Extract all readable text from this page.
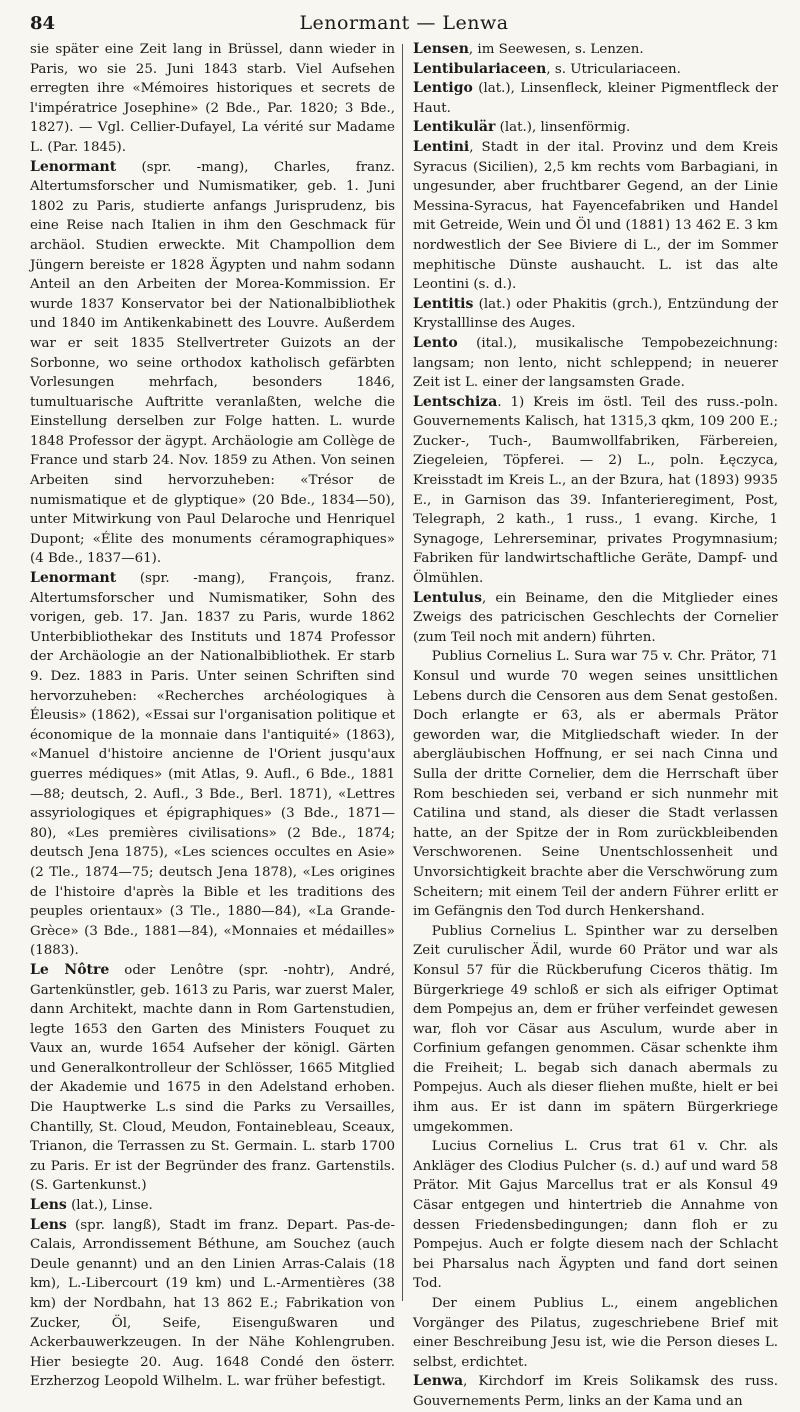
84	Lenormant — Lenwa

sie später eine Zeit lang in Brüssel, dann wieder in Paris, wo sie 25. Juni 1843 starb. Viel Aufsehen erregten ihre «Mémoires historiques et secrets de l'impératrice Josephine» (2 Bde., Par. 1820; 3 Bde., 1827). — Vgl. Cellier-Dufayel, La vérité sur Madame L. (Par. 1845).

Lenormant (spr. -mang), Charles, franz. Altertumsforscher und Numismatiker, geb. 1. Juni 1802 zu Paris, studierte anfangs Jurisprudenz, bis eine Reise nach Italien in ihm den Geschmack für archäol. Studien erweckte. Mit Champollion dem Jüngern bereiste er 1828 Ägypten und nahm sodann Anteil an den Arbeiten der Morea-Kommission. Er wurde 1837 Konservator bei der Nationalbibliothek und 1840 im Antikenkabinett des Louvre. Außerdem war er seit 1835 Stellvertreter Guizots an der Sorbonne, wo seine orthodox katholisch gefärbten Vorlesungen mehrfach, besonders 1846, tumultuarische Auftritte veranlaßten, welche die Einstellung derselben zur Folge hatten. L. wurde 1848 Professor der ägypt. Archäologie am Collège de France und starb 24. Nov. 1859 zu Athen. Von seinen Arbeiten sind hervorzuheben: «Trésor de numismatique et de glyptique» (20 Bde., 1834—50), unter Mitwirkung von Paul Delaroche und Henriquel Dupont; «Élite des monuments céramographiques» (4 Bde., 1837—61).

Lenormant (spr. -mang), François, franz. Altertumsforscher und Numismatiker, Sohn des vorigen, geb. 17. Jan. 1837 zu Paris, wurde 1862 Unterbibliothekar des Instituts und 1874 Professor der Archäologie an der Nationalbibliothek. Er starb 9. Dez. 1883 in Paris. Unter seinen Schriften sind hervorzuheben: «Recherches archéologiques à Éleusis» (1862), «Essai sur l'organisation politique et économique de la monnaie dans l'antiquité» (1863), «Manuel d'histoire ancienne de l'Orient jusqu'aux guerres médiques» (mit Atlas, 9. Aufl., 6 Bde., 1881—88; deutsch, 2. Aufl., 3 Bde., Berl. 1871), «Lettres assyriologiques et épigraphiques» (3 Bde., 1871—80), «Les premières civilisations» (2 Bde., 1874; deutsch Jena 1875), «Les sciences occultes en Asie» (2 Tle., 1874—75; deutsch Jena 1878), «Les origines de l'histoire d'après la Bible et les traditions des peuples orientaux» (3 Tle., 1880—84), «La Grande-Grèce» (3 Bde., 1881—84), «Monnaies et médailles» (1883).

Le Nôtre oder Lenôtre (spr. -nohtr), André, Gartenkünstler, geb. 1613 zu Paris, war zuerst Maler, dann Architekt, machte dann in Rom Gartenstudien, legte 1653 den Garten des Ministers Fouquet zu Vaux an, wurde 1654 Aufseher der königl. Gärten und Generalkontrolleur der Schlösser, 1665 Mitglied der Akademie und 1675 in den Adelstand erhoben. Die Hauptwerke L.s sind die Parks zu Versailles, Chantilly, St. Cloud, Meudon, Fontainebleau, Sceaux, Trianon, die Terrassen zu St. Germain. L. starb 1700 zu Paris. Er ist der Begründer des franz. Gartenstils. (S. Gartenkunst.)

Lens (lat.), Linse.

Lens (spr. langß), Stadt im franz. Depart. Pas-de-Calais, Arrondissement Béthune, am Souchez (auch Deule genannt) und an den Linien Arras-Calais (18 km), L.-Libercourt (19 km) und L.-Armentières (38 km) der Nordbahn, hat 13 862 E.; Fabrikation von Zucker, Öl, Seife, Eisengußwaren und Ackerbauwerkzeugen. In der Nähe Kohlengruben. Hier besiegte 20. Aug. 1648 Condé den österr. Erzherzog Leopold Wilhelm. L. war früher befestigt.

Lensen, im Seewesen, s. Lenzen.

Lentibulariaceen, s. Utriculariaceen.

Lentigo (lat.), Linsenfleck, kleiner Pigmentfleck der Haut.

Lentikulär (lat.), linsenförmig.

Lentini, Stadt in der ital. Provinz und dem Kreis Syracus (Sicilien), 2,5 km rechts vom Barbagiani, in ungesunder, aber fruchtbarer Gegend, an der Linie Messina-Syracus, hat Fayencefabriken und Handel mit Getreide, Wein und Öl und (1881) 13 462 E. 3 km nordwestlich der See Biviere di L., der im Sommer mephitische Dünste aushaucht. L. ist das alte Leontini (s. d.).

Lentitis (lat.) oder Phakitis (grch.), Entzündung der Krystalllinse des Auges.

Lento (ital.), musikalische Tempobezeichnung: langsam; non lento, nicht schleppend; in neuerer Zeit ist L. einer der langsamsten Grade.

Lentschiza. 1) Kreis im östl. Teil des russ.-poln. Gouvernements Kalisch, hat 1315,3 qkm, 109 200 E.; Zucker-, Tuch-, Baumwollfabriken, Färbereien, Ziegeleien, Töpferei. — 2) L., poln. Łęczyca, Kreisstadt im Kreis L., an der Bzura, hat (1893) 9935 E., in Garnison das 39. Infanterieregiment, Post, Telegraph, 2 kath., 1 russ., 1 evang. Kirche, 1 Synagoge, Lehrerseminar, privates Progymnasium; Fabriken für landwirtschaftliche Geräte, Dampf- und Ölmühlen.

Lentulus, ein Beiname, den die Mitglieder eines Zweigs des patricischen Geschlechts der Cornelier (zum Teil noch mit andern) führten.

Publius Cornelius L. Sura war 75 v. Chr. Prätor, 71 Konsul und wurde 70 wegen seines unsittlichen Lebens durch die Censoren aus dem Senat gestoßen. Doch erlangte er 63, als er abermals Prätor geworden war, die Mitgliedschaft wieder. In der abergläubischen Hoffnung, er sei nach Cinna und Sulla der dritte Cornelier, dem die Herrschaft über Rom beschieden sei, verband er sich nunmehr mit Catilina und stand, als dieser die Stadt verlassen hatte, an der Spitze der in Rom zurückbleibenden Verschworenen. Seine Unentschlossenheit und Unvorsichtigkeit brachte aber die Verschwörung zum Scheitern; mit einem Teil der andern Führer erlitt er im Gefängnis den Tod durch Henkershand.

Publius Cornelius L. Spinther war zu derselben Zeit curulischer Ädil, wurde 60 Prätor und war als Konsul 57 für die Rückberufung Ciceros thätig. Im Bürgerkriege 49 schloß er sich als eifriger Optimat dem Pompejus an, dem er früher verfeindet gewesen war, floh vor Cäsar aus Asculum, wurde aber in Corfinium gefangen genommen. Cäsar schenkte ihm die Freiheit; L. begab sich danach abermals zu Pompejus. Auch als dieser fliehen mußte, hielt er bei ihm aus. Er ist dann im spätern Bürgerkriege umgekommen.

Lucius Cornelius L. Crus trat 61 v. Chr. als Ankläger des Clodius Pulcher (s. d.) auf und ward 58 Prätor. Mit Gajus Marcellus trat er als Konsul 49 Cäsar entgegen und hintertrieb die Annahme von dessen Friedensbedingungen; dann floh er zu Pompejus. Auch er folgte diesem nach der Schlacht bei Pharsalus nach Ägypten und fand dort seinen Tod.

Der einem Publius L., einem angeblichen Vorgänger des Pilatus, zugeschriebene Brief mit einer Beschreibung Jesu ist, wie die Person dieses L. selbst, erdichtet.

Lenwa, Kirchdorf im Kreis Solikamsk des russ. Gouvernements Perm, links an der Kama und an
